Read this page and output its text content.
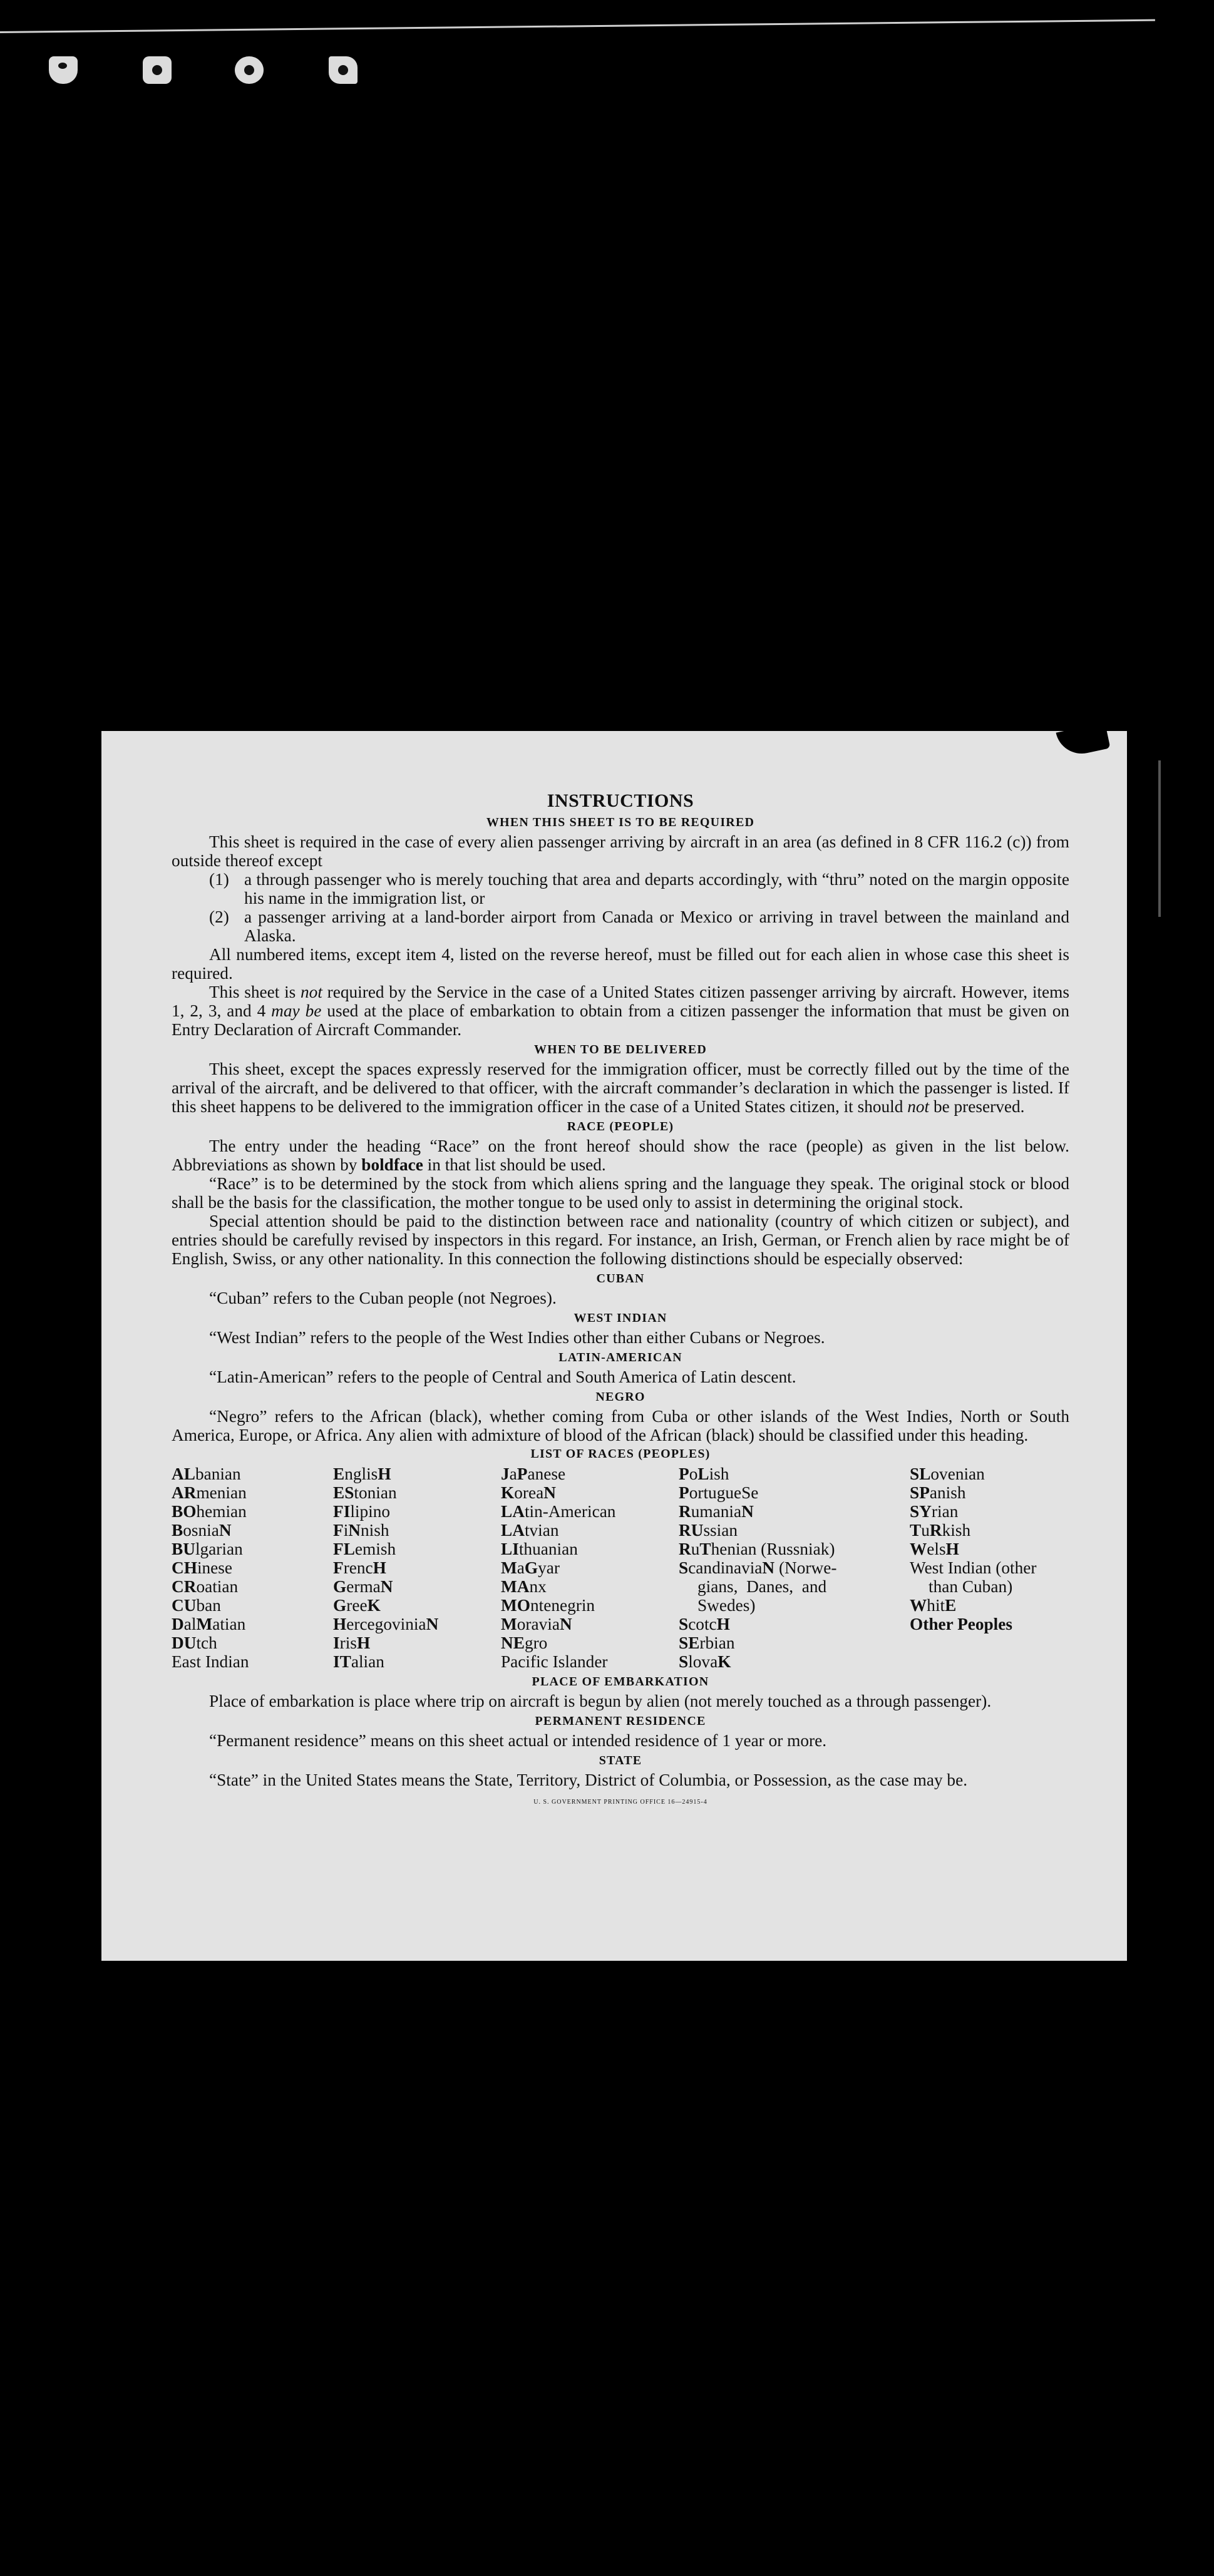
INSTRUCTIONS
WHEN THIS SHEET IS TO BE REQUIRED

This sheet is required in the case of every alien passenger arriving by aircraft in an area (as defined in 8 CFR 116.2 (c)) from outside thereof except

(1) a through passenger who is merely touching that area and departs accordingly, with “thru” noted on the margin opposite his name in the immigration list, or
(2) a passenger arriving at a land-border airport from Canada or Mexico or arriving in travel between the mainland and Alaska.

All numbered items, except item 4, listed on the reverse hereof, must be filled out for each alien in whose case this sheet is required.

This sheet is not required by the Service in the case of a United States citizen passenger arriving by aircraft. However, items 1, 2, 3, and 4 may be used at the place of embarkation to obtain from a citizen passenger the information that must be given on Entry Declaration of Aircraft Commander.

WHEN TO BE DELIVERED

This sheet, except the spaces expressly reserved for the immigration officer, must be correctly filled out by the time of the arrival of the aircraft, and be delivered to that officer, with the aircraft commander’s declaration in which the passenger is listed. If this sheet happens to be delivered to the immigration officer in the case of a United States citizen, it should not be preserved.

RACE (PEOPLE)

The entry under the heading “Race” on the front hereof should show the race (people) as given in the list below. Abbreviations as shown by boldface in that list should be used.

“Race” is to be determined by the stock from which aliens spring and the language they speak. The original stock or blood shall be the basis for the classification, the mother tongue to be used only to assist in determining the original stock.

Special attention should be paid to the distinction between race and nationality (country of which citizen or subject), and entries should be carefully revised by inspectors in this regard. For instance, an Irish, German, or French alien by race might be of English, Swiss, or any other nationality. In this connection the following distinctions should be especially observed:

CUBAN

“Cuban” refers to the Cuban people (not Negroes).

WEST INDIAN

“West Indian” refers to the people of the West Indies other than either Cubans or Negroes.

LATIN-AMERICAN

“Latin-American” refers to the people of Central and South America of Latin descent.

NEGRO

“Negro” refers to the African (black), whether coming from Cuba or other islands of the West Indies, North or South America, Europe, or Africa. Any alien with admixture of blood of the African (black) should be classified under this heading.

LIST OF RACES (PEOPLES)
ALbanian
ARmenian
BOhemian
BosniaN
BUlgarian
CHinese
CRoatian
CUban
DalMatian
DUtch
East Indian
EnglisH
EStonian
FIlipino
FiNnish
FLemish
FrencH
GermaN
GreeK
HercegoviniaN
IrisH
ITalian
JaPanese
KoreaN
LAtin-American
LAtvian
LIthuanian
MaGyar
MAnx
MOntenegrin
MoraviaN
NEgro
Pacific Islander
PoLish
PortugueSe
RumaniaN
RUssian
RuThenian (Russniak)
ScandinaviaN (Norwe-

gians,  Danes,  and
Swedes)
ScotcH
SErbian
SlovaK
SLovenian
SPanish
SYrian
TuRkish
WelsH
West Indian (other

than Cuban)
WhitE
Other Peoples
PLACE OF EMBARKATION

Place of embarkation is place where trip on aircraft is begun by alien (not merely touched as a through passenger).

PERMANENT RESIDENCE

“Permanent residence” means on this sheet actual or intended residence of 1 year or more.

STATE

“State” in the United States means the State, Territory, District of Columbia, or Possession, as the case may be.

U. S. GOVERNMENT PRINTING OFFICE 16—24915-4
